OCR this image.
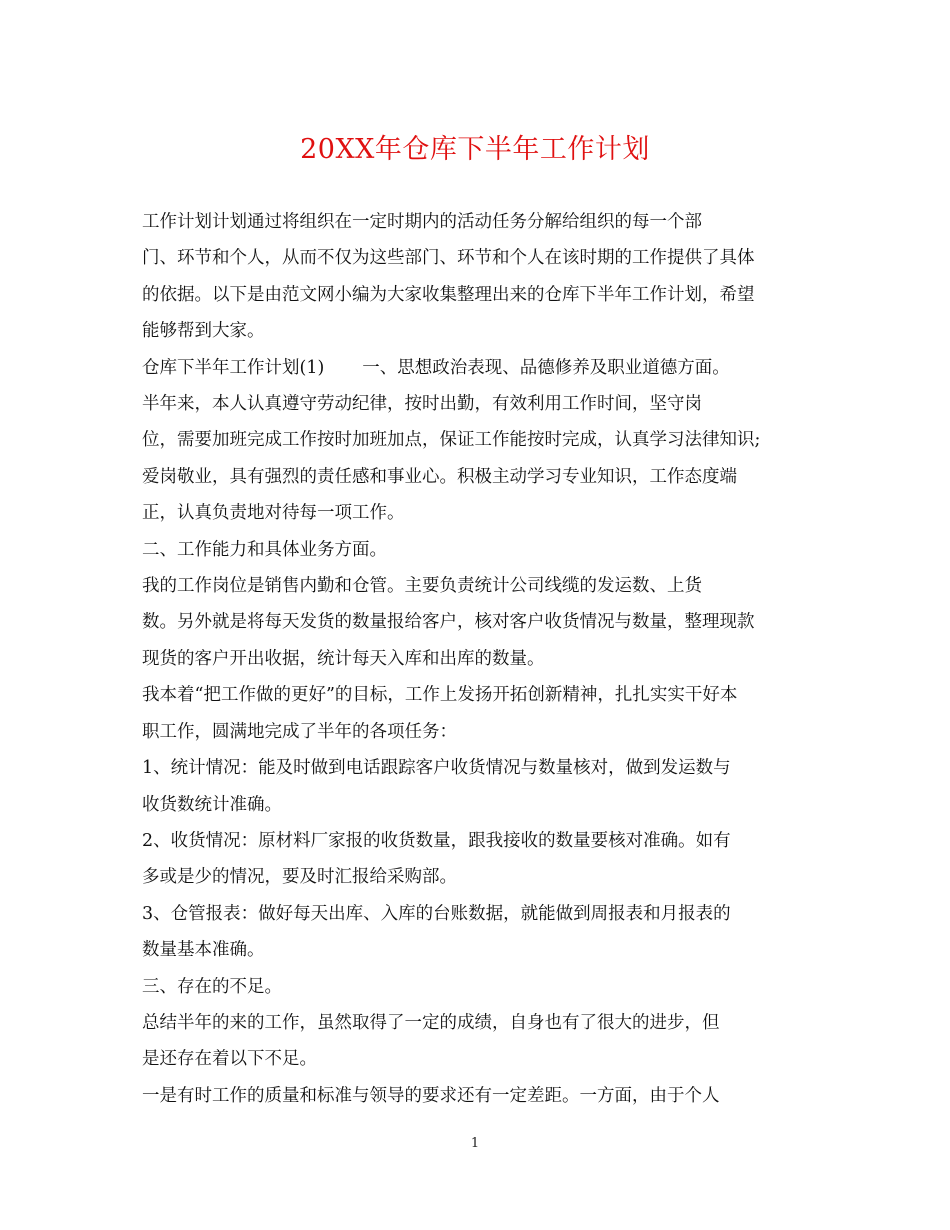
20XX年仓库下半年工作计划

工作计划计划通过将组织在一定时期内的活动任务分解给组织的每一个部

门、环节和个人，从而不仅为这些部门、环节和个人在该时期的工作提供了具体

的依据。以下是由范文网小编为大家收集整理出来的仓库下半年工作计划，希望

能够帮到大家。

仓库下半年工作计划(1) 一、思想政治表现、品德修养及职业道德方面。

半年来，本人认真遵守劳动纪律，按时出勤，有效利用工作时间，坚守岗

位，需要加班完成工作按时加班加点，保证工作能按时完成，认真学习法律知识;

爱岗敬业，具有强烈的责任感和事业心。积极主动学习专业知识，工作态度端

正，认真负责地对待每一项工作。

二、工作能力和具体业务方面。

我的工作岗位是销售内勤和仓管。主要负责统计公司线缆的发运数、上货

数。另外就是将每天发货的数量报给客户，核对客户收货情况与数量，整理现款

现货的客户开出收据，统计每天入库和出库的数量。

我本着“把工作做的更好”的目标，工作上发扬开拓创新精神，扎扎实实干好本

职工作，圆满地完成了半年的各项任务：

1、统计情况：能及时做到电话跟踪客户收货情况与数量核对，做到发运数与

收货数统计准确。

2、收货情况：原材料厂家报的收货数量，跟我接收的数量要核对准确。如有

多或是少的情况，要及时汇报给采购部。

3、仓管报表：做好每天出库、入库的台账数据，就能做到周报表和月报表的

数量基本准确。

三、存在的不足。

总结半年的来的工作，虽然取得了一定的成绩，自身也有了很大的进步，但

是还存在着以下不足。

一是有时工作的质量和标准与领导的要求还有一定差距。一方面，由于个人

1
